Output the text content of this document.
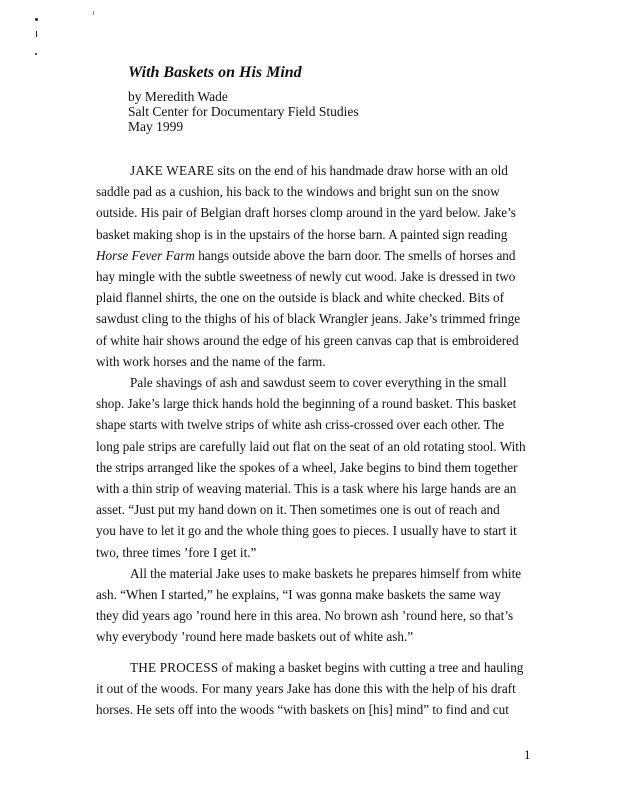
With Baskets on His Mind
by Meredith Wade
Salt Center for Documentary Field Studies
May 1999
JAKE WEARE sits on the end of his handmade draw horse with an old
saddle pad as a cushion, his back to the windows and bright sun on the snow
outside. His pair of Belgian draft horses clomp around in the yard below. Jake’s
basket making shop is in the upstairs of the horse barn. A painted sign reading
Horse Fever Farm hangs outside above the barn door. The smells of horses and
hay mingle with the subtle sweetness of newly cut wood. Jake is dressed in two
plaid flannel shirts, the one on the outside is black and white checked. Bits of
sawdust cling to the thighs of his of black Wrangler jeans. Jake’s trimmed fringe
of white hair shows around the edge of his green canvas cap that is embroidered
with work horses and the name of the farm.
Pale shavings of ash and sawdust seem to cover everything in the small
shop. Jake’s large thick hands hold the beginning of a round basket. This basket
shape starts with twelve strips of white ash criss-crossed over each other. The
long pale strips are carefully laid out flat on the seat of an old rotating stool. With
the strips arranged like the spokes of a wheel, Jake begins to bind them together
with a thin strip of weaving material. This is a task where his large hands are an
asset. “Just put my hand down on it. Then sometimes one is out of reach and
you have to let it go and the whole thing goes to pieces. I usually have to start it
two, three times ’fore I get it.”
All the material Jake uses to make baskets he prepares himself from white
ash. “When I started,” he explains, “I was gonna make baskets the same way
they did years ago ’round here in this area. No brown ash ’round here, so that’s
why everybody ’round here made baskets out of white ash.”
THE PROCESS of making a basket begins with cutting a tree and hauling
it out of the woods. For many years Jake has done this with the help of his draft
horses. He sets off into the woods “with baskets on [his] mind” to find and cut
1
